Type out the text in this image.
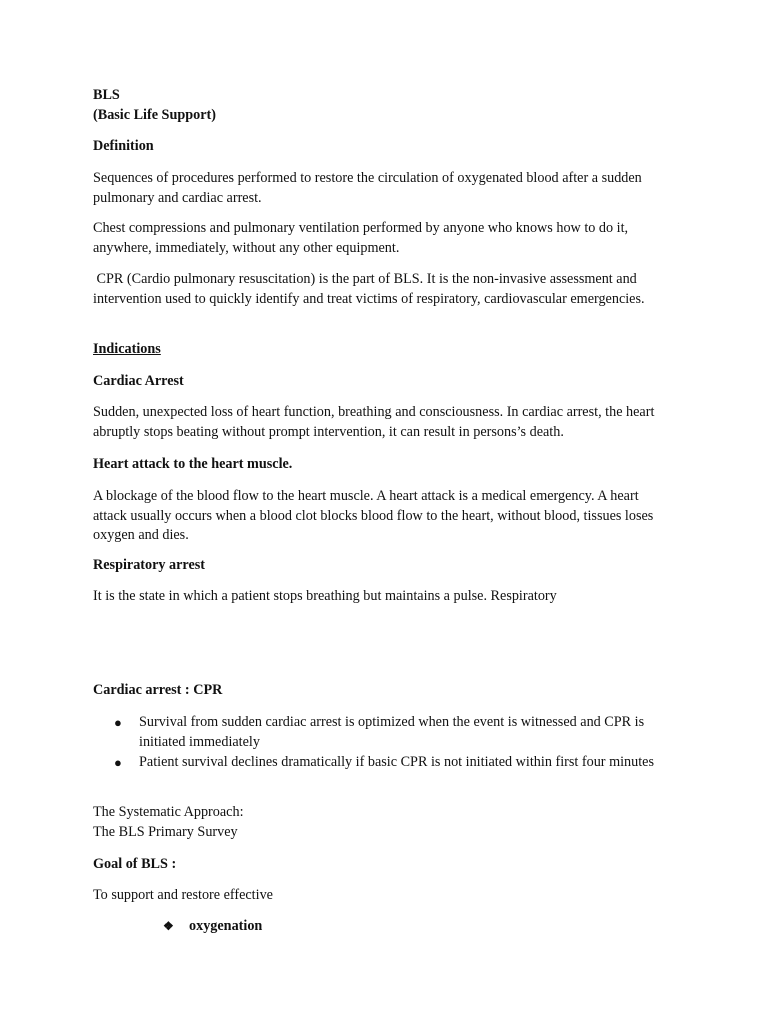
BLS
(Basic Life Support)
Definition

Sequences of procedures performed to restore the circulation of oxygenated blood after a sudden pulmonary and cardiac arrest.

Chest compressions and pulmonary ventilation performed by anyone who knows how to do it, anywhere, immediately, without any other equipment.

CPR (Cardio pulmonary resuscitation) is the part of BLS. It is the non-invasive assessment and intervention used to quickly identify and treat victims of respiratory, cardiovascular emergencies.

Indications
Cardiac Arrest

Sudden, unexpected loss of heart function, breathing and consciousness. In cardiac arrest, the heart abruptly stops beating without prompt intervention, it can result in persons’s death.

Heart attack to the heart muscle.

A blockage of the blood flow to the heart muscle. A heart attack is a medical emergency. A heart attack usually occurs when a blood clot blocks blood flow to the heart, without blood, tissues loses oxygen and dies.

Respiratory arrest

It is the state in which a patient stops breathing but maintains a pulse. Respiratory

Cardiac arrest : CPR
● Survival from sudden cardiac arrest is optimized when the event is witnessed and CPR is initiated immediately
● Patient survival declines dramatically if basic CPR is not initiated within first four minutes
The Systematic Approach:
The BLS Primary Survey
Goal of BLS :

To support and restore effective

❖ oxygenation
